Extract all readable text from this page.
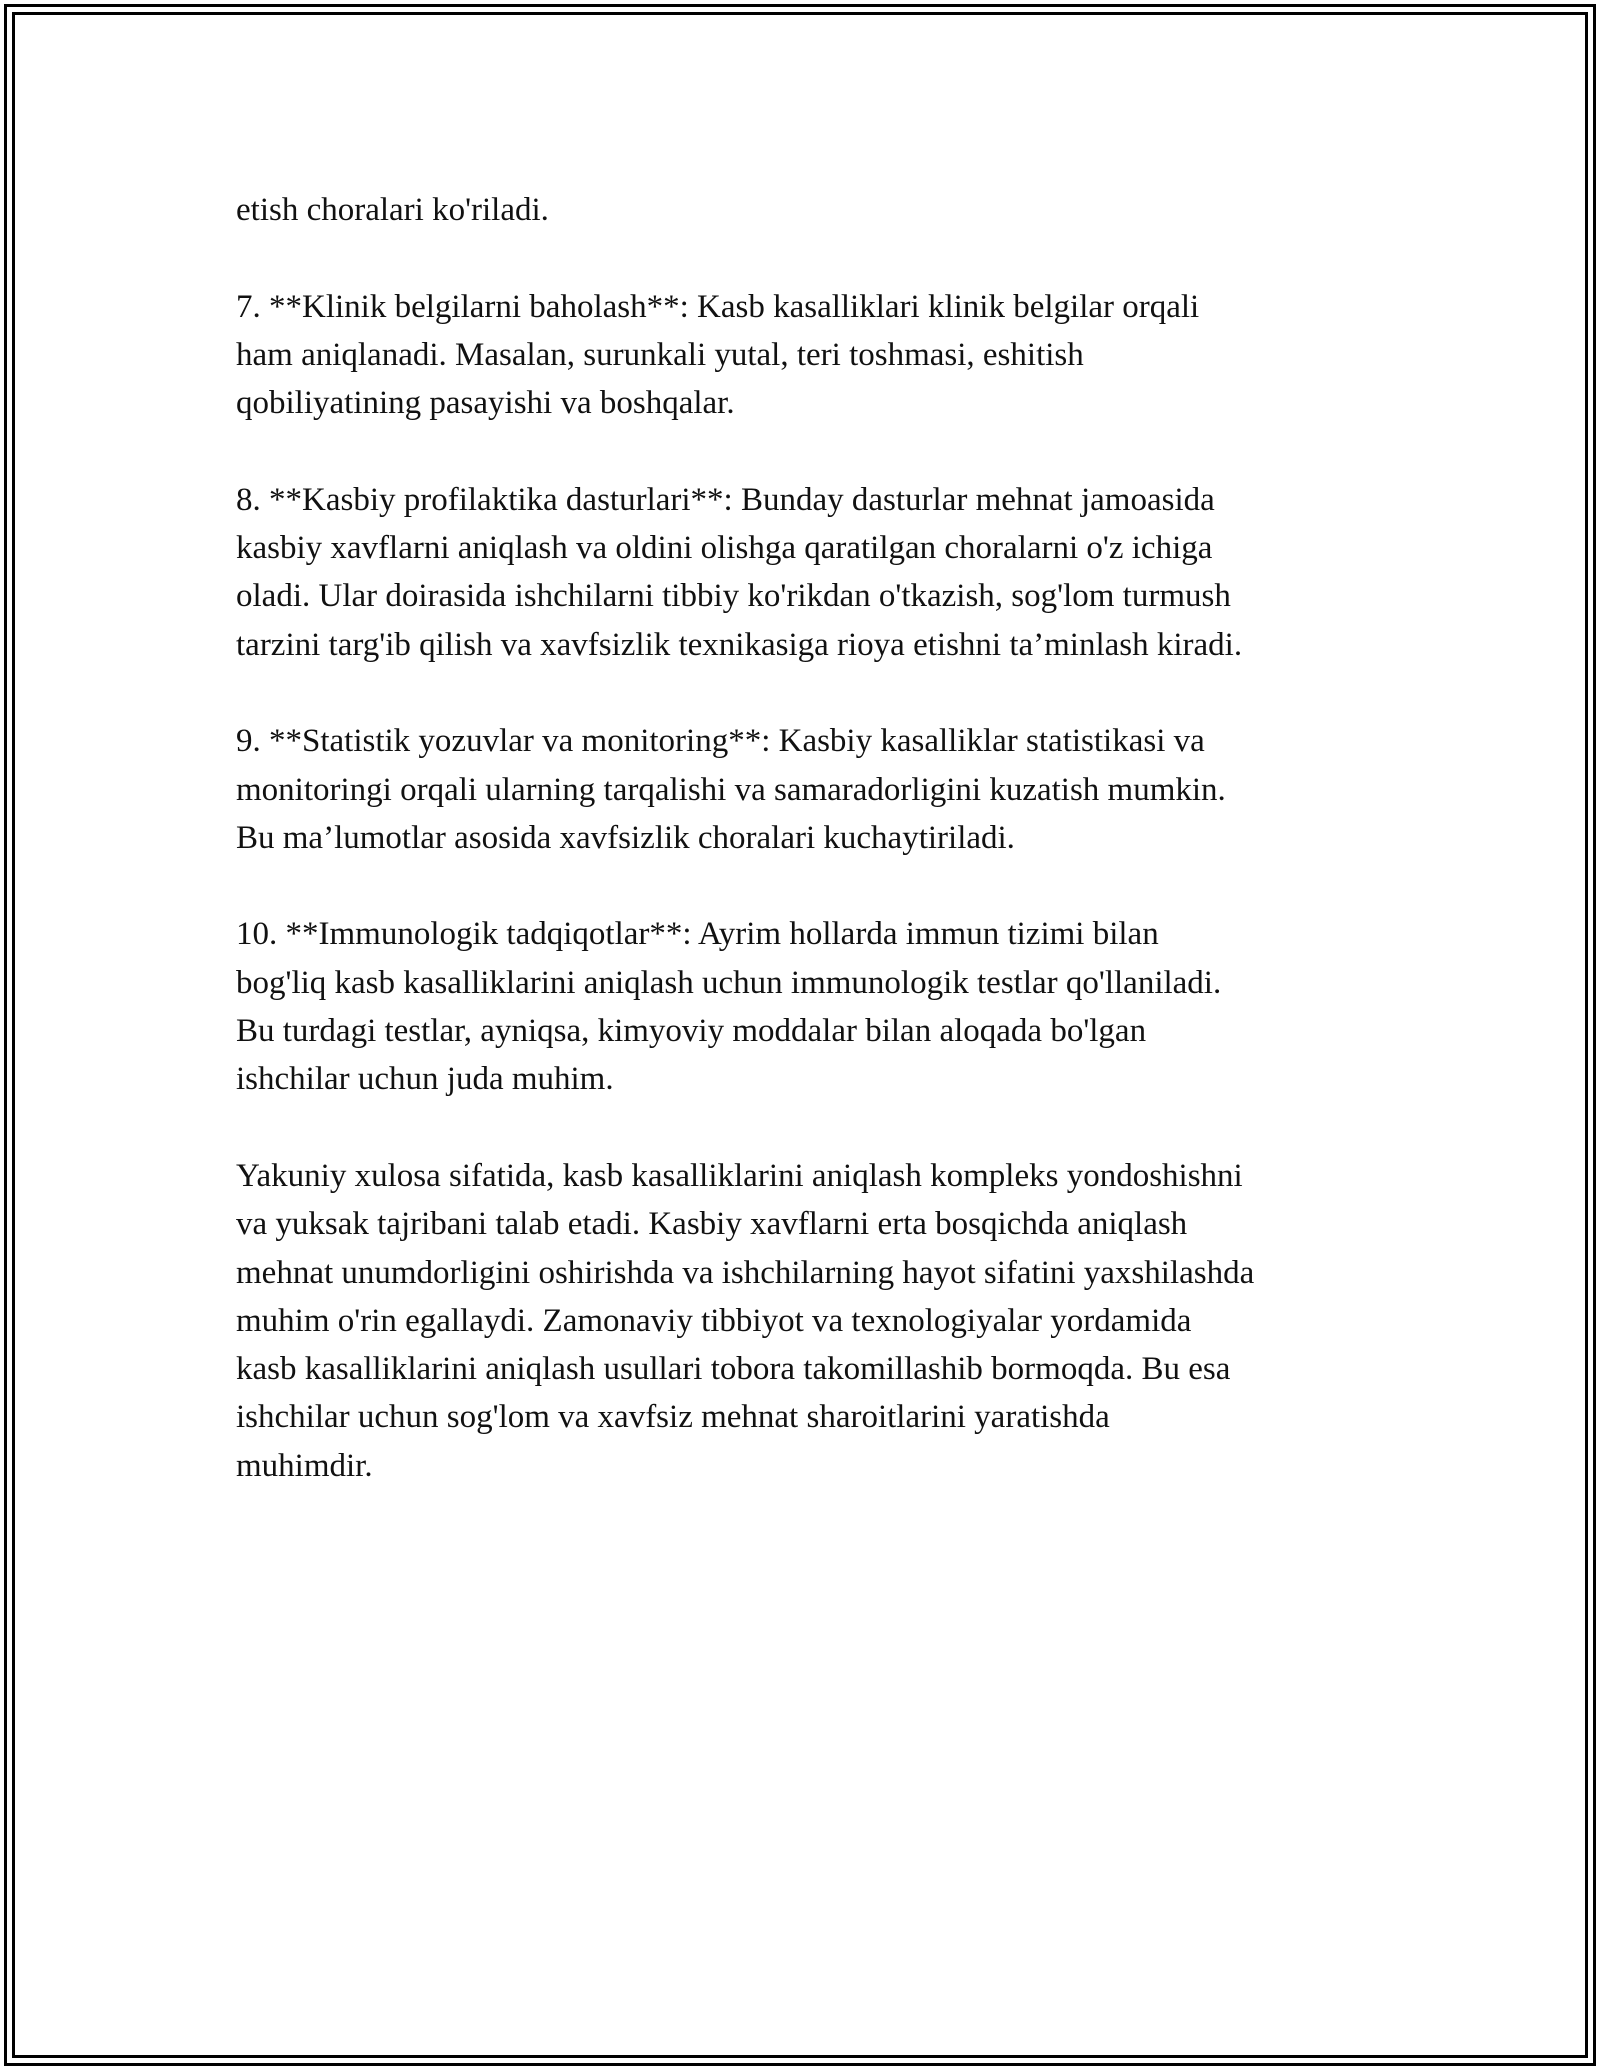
etish choralari ko'riladi.

7. **Klinik belgilarni baholash**: Kasb kasalliklari klinik belgilar orqali
ham aniqlanadi. Masalan, surunkali yutal, teri toshmasi, eshitish
qobiliyatining pasayishi va boshqalar.

8. **Kasbiy profilaktika dasturlari**: Bunday dasturlar mehnat jamoasida
kasbiy xavflarni aniqlash va oldini olishga qaratilgan choralarni o'z ichiga
oladi. Ular doirasida ishchilarni tibbiy ko'rikdan o'tkazish, sog'lom turmush
tarzini targ'ib qilish va xavfsizlik texnikasiga rioya etishni ta’minlash kiradi.

9. **Statistik yozuvlar va monitoring**: Kasbiy kasalliklar statistikasi va
monitoringi orqali ularning tarqalishi va samaradorligini kuzatish mumkin.
Bu ma’lumotlar asosida xavfsizlik choralari kuchaytiriladi.

10. **Immunologik tadqiqotlar**: Ayrim hollarda immun tizimi bilan
bog'liq kasb kasalliklarini aniqlash uchun immunologik testlar qo'llaniladi.
Bu turdagi testlar, ayniqsa, kimyoviy moddalar bilan aloqada bo'lgan
ishchilar uchun juda muhim.

Yakuniy xulosa sifatida, kasb kasalliklarini aniqlash kompleks yondoshishni
va yuksak tajribani talab etadi. Kasbiy xavflarni erta bosqichda aniqlash
mehnat unumdorligini oshirishda va ishchilarning hayot sifatini yaxshilashda
muhim o'rin egallaydi. Zamonaviy tibbiyot va texnologiyalar yordamida
kasb kasalliklarini aniqlash usullari tobora takomillashib bormoqda. Bu esa
ishchilar uchun sog'lom va xavfsiz mehnat sharoitlarini yaratishda
muhimdir.
